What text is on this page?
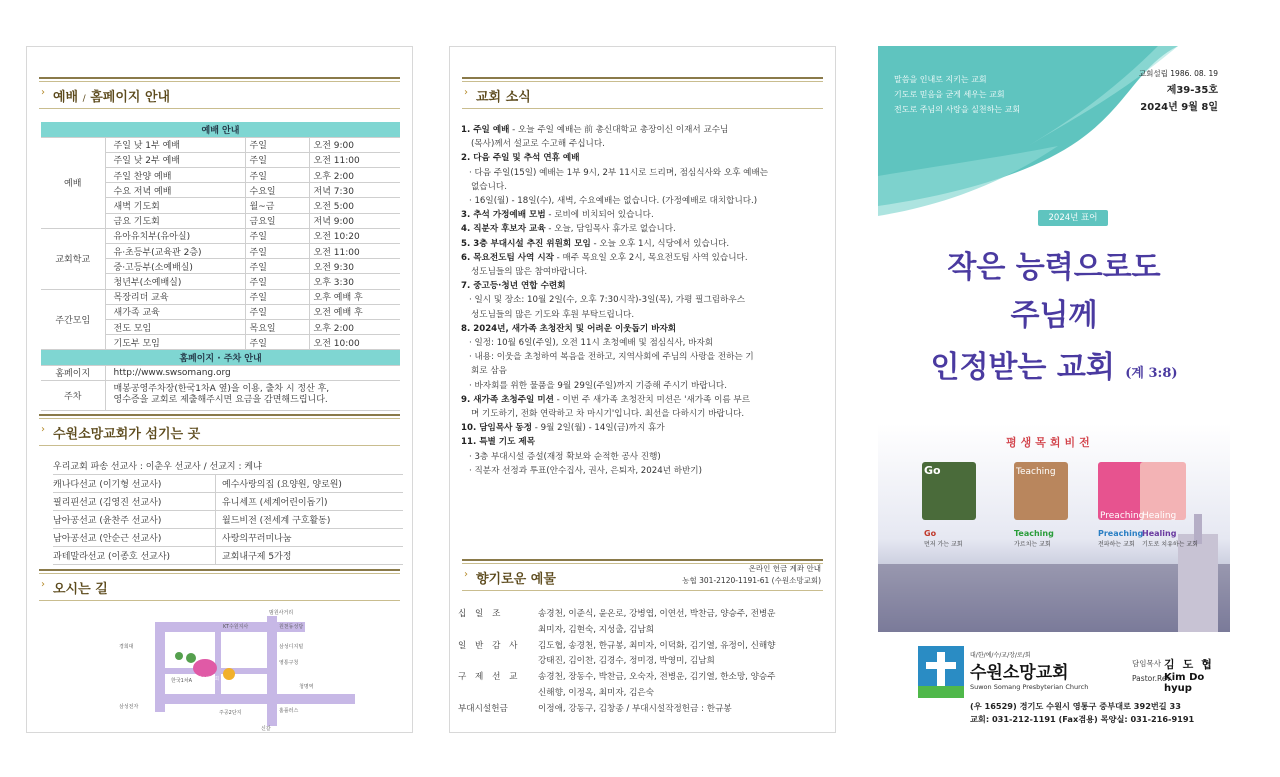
› 예배 / 홈페이지 안내
예배 안내			
예배	주일 낮 1부 예배	주일	오전 9:00
	주일 낮 2부 예배	주일	오전 11:00
	주일 찬양 예배	주일	오후 2:00
	수요 저녁 예배	수요일	저녁 7:30
	새벽 기도회	월~금	오전 5:00
	금요 기도회	금요일	저녁 9:00
교회학교	유아유치부(유아실)	주일	오전 10:20
	유·초등부(교육관 2층)	주일	오전 11:00
	중·고등부(소예배실)	주일	오전 9:30
	청년부(소예배실)	주일	오후 3:30
주간모임	목장리더 교육	주일	오후 예배 후
	새가족 교육	주일	오전 예배 후
	전도 모임	목요일	오후 2:00
	기도부 모임	주일	오전 10:00
홈페이지 · 주차 안내			
홈페이지	http://www.swsomang.org		
주차	매봉공영주차장(한국1차A 옆)을 이용, 출차 시 정산 후,
영수증을 교회로 제출해주시면 요금을 감면해드립니다.		
› 수원소망교회가 섬기는 곳
우리교회 파송 선교사 : 이춘우 선교사 / 선교지 : 케냐
캐나다선교 (이기형 선교사)	예수사랑의집 (요양원, 양로원)
필리핀선교 (김영진 선교사)	유니세프 (세계어린이돕기)
남아공선교 (윤찬주 선교사)	월드비전 (전세계 구호활동)
남아공선교 (안순근 선교사)	사랑의꾸러미나눔
과테말라선교 (이종호 선교사)	교회내구제 5가정
› 오시는 길
범원사거리
KT수원지사	원천동성당
한국1차A 수원소망교회
삼성전자
삼성디지털
영통구청
신갈
홈플러스
경희대
주공2단지
청명역
› 교회 소식
1. 주일 예배 - 오늘 주일 예배는 前 총신대학교 총장이신 이재서 교수님
(목사)께서 설교로 수고해 주십니다.
2. 다음 주일 및 추석 연휴 예배
· 다음 주일(15일) 예배는 1부 9시, 2부 11시로 드리며, 점심식사와 오후 예배는
없습니다.
· 16일(월) - 18일(수), 새벽, 수요예배는 없습니다. (가정예배로 대치합니다.)
3. 추석 가정예배 모범 - 로비에 비치되어 있습니다.
4. 직분자 후보자 교육 - 오늘, 담임목사 휴가로 없습니다.
5. 3층 부대시설 추진 위원회 모임 - 오늘 오후 1시, 식당에서 있습니다.
6. 목요전도팀 사역 시작 - 매주 목요일 오후 2시, 목요전도팀 사역 있습니다.
성도님들의 많은 참여바랍니다.
7. 중고등·청년 연합 수련회
· 일시 및 장소: 10월 2일(수, 오후 7:30시작)-3일(목), 가평 필그림하우스
성도님들의 많은 기도와 후원 부탁드립니다.
8. 2024년, 새가족 초청잔치 및 어려운 이웃돕기 바자회
· 일정: 10월 6일(주일), 오전 11시 초청예배 및 점심식사, 바자회
· 내용: 이웃을 초청하여 복음을 전하고, 지역사회에 주님의 사랑을 전하는 기
회로 삼음
· 바자회를 위한 물품을 9월 29일(주일)까지 기증해 주시기 바랍니다.
9. 새가족 초청주일 미션 - 이번 주 새가족 초청잔치 미션은 '새가족 이름 부르
며 기도하기, 전화 연락하고 차 마시기'입니다. 최선을 다하시기 바랍니다.
10. 담임목사 동정 - 9월 2일(월) - 14일(금)까지 휴가
11. 특별 기도 제목
· 3층 부대시설 증설(재정 확보와 순적한 공사 진행)
· 직분자 선정과 투표(안수집사, 권사, 은퇴자, 2024년 하반기)
› 향기로운 예물
온라인 헌금 계좌 안내
농협 301-2120-1191-61 (수원소망교회)
십 일 조	송경천, 이준식, 윤온로, 강병엽, 이연선, 박찬금, 양승주, 전병운
최미자, 김현숙, 지성출, 김남희
일 반 감 사	김도협, 송경천, 한규봉, 최미자, 이덕화, 김기열, 유정이, 신해향
강태진, 김이찬, 김경수, 정미경, 박영미, 김남희
구 제 선 교	송경천, 장동수, 박찬금, 오숙자, 전병운, 김기열, 한소망, 양승주
신해향, 이정옥, 최미자, 김은숙
부대시설헌금	이정애, 강동구, 김창종 / 부대시설작정헌금 : 한규봉
말씀을 인내로 지키는 교회
기도로 믿음을 굳게 세우는 교회
전도로 주님의 사랑을 실천하는 교회
교회설립 1986. 08. 19
제39-35호
2024년 9월 8일
2024년 표어
작은 능력으로도
주님께
인정받는 교회 (계 3:8)
Go	Teaching
Preaching
Healing
Go
먼저 가는 교회
Teaching
가르치는 교회
Preaching
전파하는 교회
Healing
기도로 치유하는 교회
평생목회비전
대/한/예/수/교/장/로/회
수원소망교회
Suwon Somang Presbyterian Church
담임목사 김도협
Pastor.Rev.
Kim Do hyup
(우 16529) 경기도 수원시 영통구 중부대로 392번길 33
교회: 031-212-1191 (Fax겸용) 목양실: 031-216-9191
